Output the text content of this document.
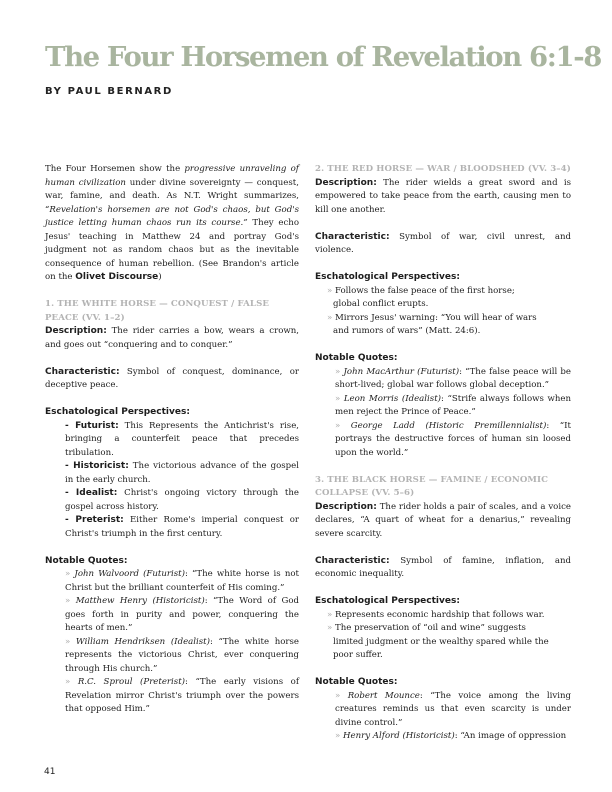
The Four Horsemen of Revelation 6:1-8
BY PAUL BERNARD

The Four Horsemen show the progressive unraveling of human civilization under divine sovereignty — conquest, war, famine, and death. As N.T. Wright summarizes, “Revelation's horsemen are not God's chaos, but God's justice letting human chaos run its course.” They echo Jesus' teaching in Matthew 24 and portray God's judgment not as random chaos but as the inevitable consequence of human rebellion. (See Brandon's article on the Olivet Discourse)

1. THE WHITE HORSE — CONQUEST / FALSE PEACE (VV. 1–2)

Description: The rider carries a bow, wears a crown, and goes out “conquering and to conquer.”

Characteristic: Symbol of conquest, dominance, or deceptive peace.

Eschatological Perspectives:

- Futurist: This Represents the Antichrist's rise, bringing a counterfeit peace that precedes tribulation.

- Historicist: The victorious advance of the gospel in the early church.

- Idealist: Christ's ongoing victory through the gospel across history.

- Preterist: Either Rome's imperial conquest or Christ's triumph in the first century.

Notable Quotes:

» John Walvoord (Futurist): “The white horse is not Christ but the brilliant counterfeit of His coming.”

» Matthew Henry (Historicist): “The Word of God goes forth in purity and power, conquering the hearts of men.”

» William Hendriksen (Idealist): “The white horse represents the victorious Christ, ever conquering through His church.”

» R.C. Sproul (Preterist): “The early visions of Revelation mirror Christ's triumph over the powers that opposed Him.”

2. THE RED HORSE — WAR / BLOODSHED (VV. 3–4)

Description: The rider wields a great sword and is empowered to take peace from the earth, causing men to kill one another.

Characteristic: Symbol of war, civil unrest, and violence.

Eschatological Perspectives:

» Follows the false peace of the first horse;

global conflict erupts.

» Mirrors Jesus' warning: “You will hear of wars

and rumors of wars” (Matt. 24:6).

Notable Quotes:

» John MacArthur (Futurist): “The false peace will be short-lived; global war follows global deception.”

» Leon Morris (Idealist): “Strife always follows when men reject the Prince of Peace.”

» George Ladd (Historic Premillennialist): “It portrays the destructive forces of human sin loosed upon the world.”

3. THE BLACK HORSE — FAMINE / ECONOMIC COLLAPSE (VV. 5–6)

Description: The rider holds a pair of scales, and a voice declares, “A quart of wheat for a denarius,” revealing severe scarcity.

Characteristic: Symbol of famine, inflation, and economic inequality.

Eschatological Perspectives:

» Represents economic hardship that follows war.

» The preservation of “oil and wine” suggests

limited judgment or the wealthy spared while the poor suffer.

Notable Quotes:

» Robert Mounce: “The voice among the living creatures reminds us that even scarcity is under divine control.”

» Henry Alford (Historicist): “An image of oppression

41
